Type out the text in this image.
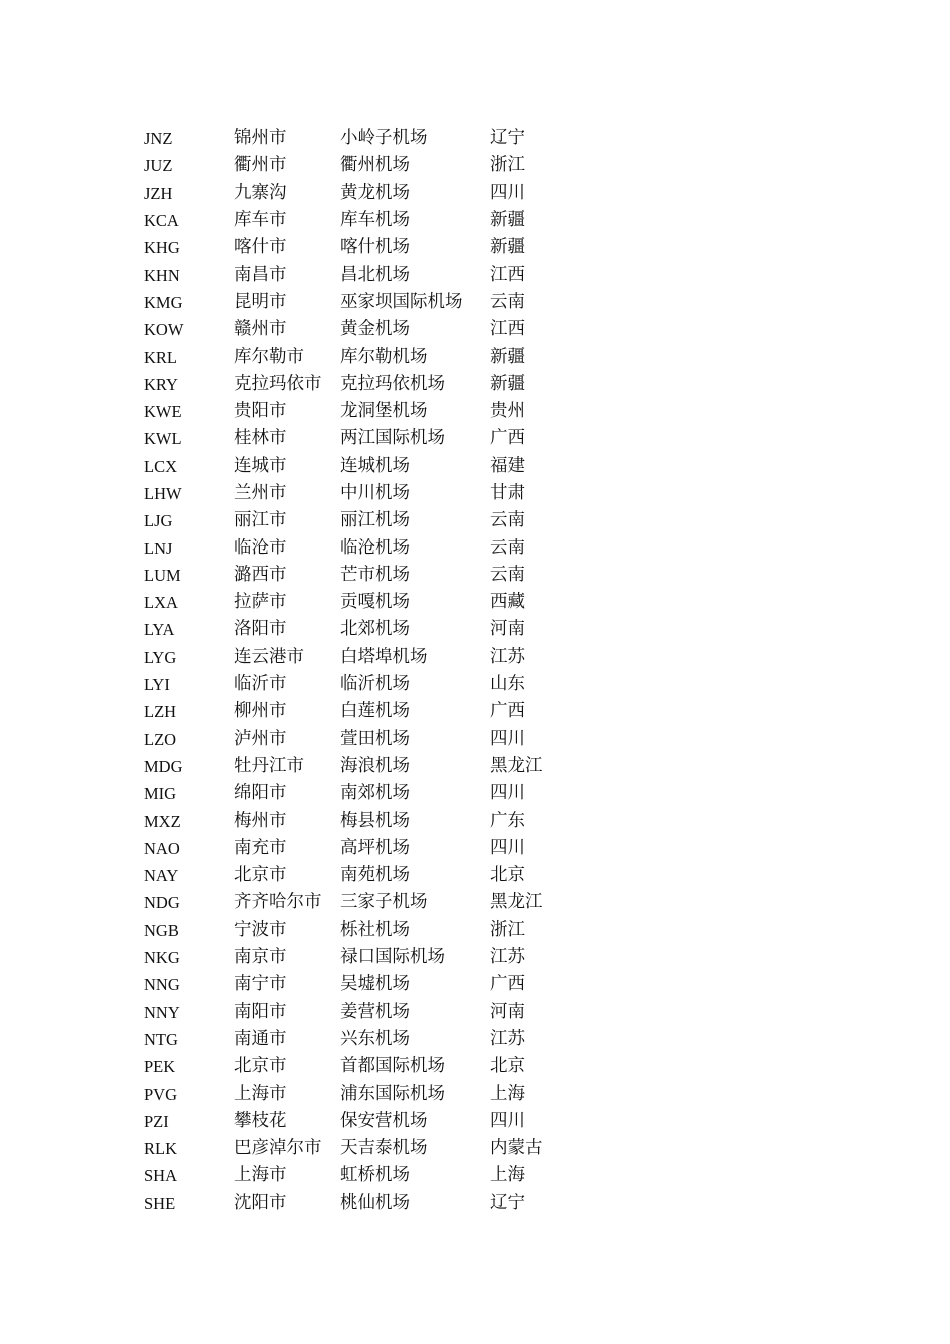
JNZ	锦州市	小岭子机场	辽宁
JUZ	衢州市	衢州机场	浙江
JZH	九寨沟	黄龙机场	四川
KCA	库车市	库车机场	新疆
KHG	喀什市	喀什机场	新疆
KHN	南昌市	昌北机场	江西
KMG	昆明市	巫家坝国际机场	云南
KOW	赣州市	黄金机场	江西
KRL	库尔勒市	库尔勒机场	新疆
KRY	克拉玛依市	克拉玛依机场	新疆
KWE	贵阳市	龙洞堡机场	贵州
KWL	桂林市	两江国际机场	广西
LCX	连城市	连城机场	福建
LHW	兰州市	中川机场	甘肃
LJG	丽江市	丽江机场	云南
LNJ	临沧市	临沧机场	云南
LUM	潞西市	芒市机场	云南
LXA	拉萨市	贡嘎机场	西藏
LYA	洛阳市	北郊机场	河南
LYG	连云港市	白塔埠机场	江苏
LYI	临沂市	临沂机场	山东
LZH	柳州市	白莲机场	广西
LZO	泸州市	萱田机场	四川
MDG	牡丹江市	海浪机场	黑龙江
MIG	绵阳市	南郊机场	四川
MXZ	梅州市	梅县机场	广东
NAO	南充市	高坪机场	四川
NAY	北京市	南苑机场	北京
NDG	齐齐哈尔市	三家子机场	黑龙江
NGB	宁波市	栎社机场	浙江
NKG	南京市	禄口国际机场	江苏
NNG	南宁市	吴墟机场	广西
NNY	南阳市	姜营机场	河南
NTG	南通市	兴东机场	江苏
PEK	北京市	首都国际机场	北京
PVG	上海市	浦东国际机场	上海
PZI	攀枝花	保安营机场	四川
RLK	巴彦淖尔市	天吉泰机场	内蒙古
SHA	上海市	虹桥机场	上海
SHE	沈阳市	桃仙机场	辽宁
